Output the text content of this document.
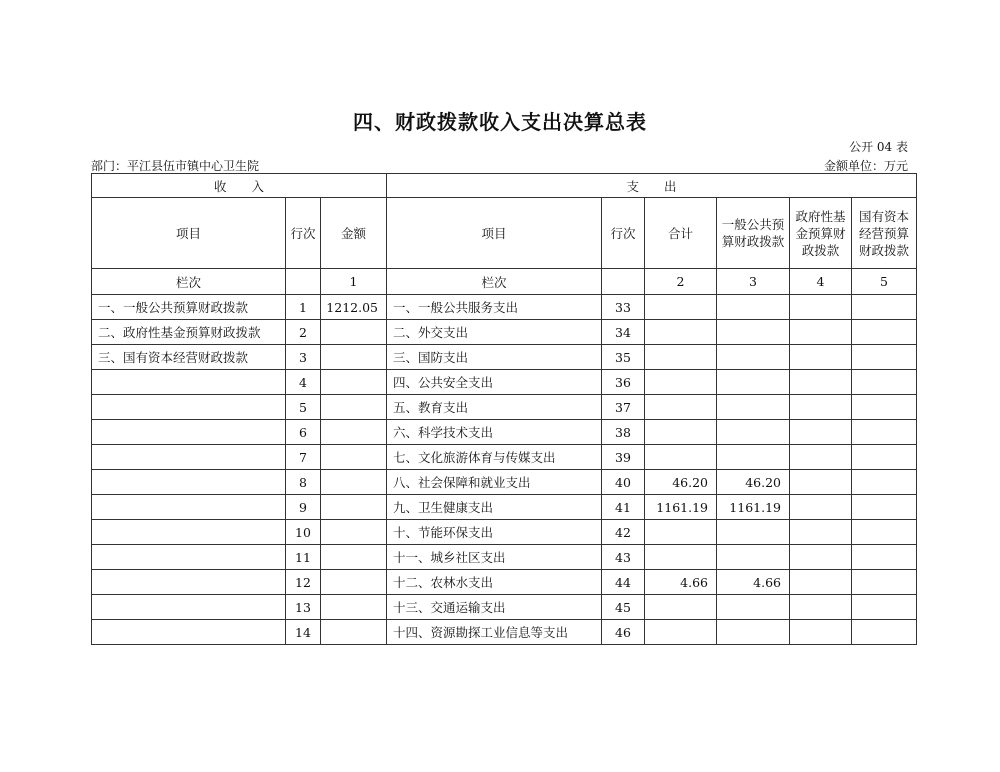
四、财政拨款收入支出决算总表
公开 04 表
部门：平江县伍市镇中心卫生院	金额单位：万元
收　　入			支　　出					
项目	行次	金额	项目	行次	合计	一般公共预算财政拨款	政府性基金预算财政拨款	国有资本经营预算财政拨款
栏次		1	栏次		2	3	4	5
一、一般公共预算财政拨款	1	1212.05	一、一般公共服务支出	33				
二、政府性基金预算财政拨款	2		二、外交支出	34				
三、国有资本经营财政拨款	3		三、国防支出	35				
	4		四、公共安全支出	36				
	5		五、教育支出	37				
	6		六、科学技术支出	38				
	7		七、文化旅游体育与传媒支出	39				
	8		八、社会保障和就业支出	40	46.20	46.20		
	9		九、卫生健康支出	41	1161.19	1161.19		
	10		十、节能环保支出	42				
	11		十一、城乡社区支出	43				
	12		十二、农林水支出	44	4.66	4.66		
	13		十三、交通运输支出	45				
	14		十四、资源勘探工业信息等支出	46				
